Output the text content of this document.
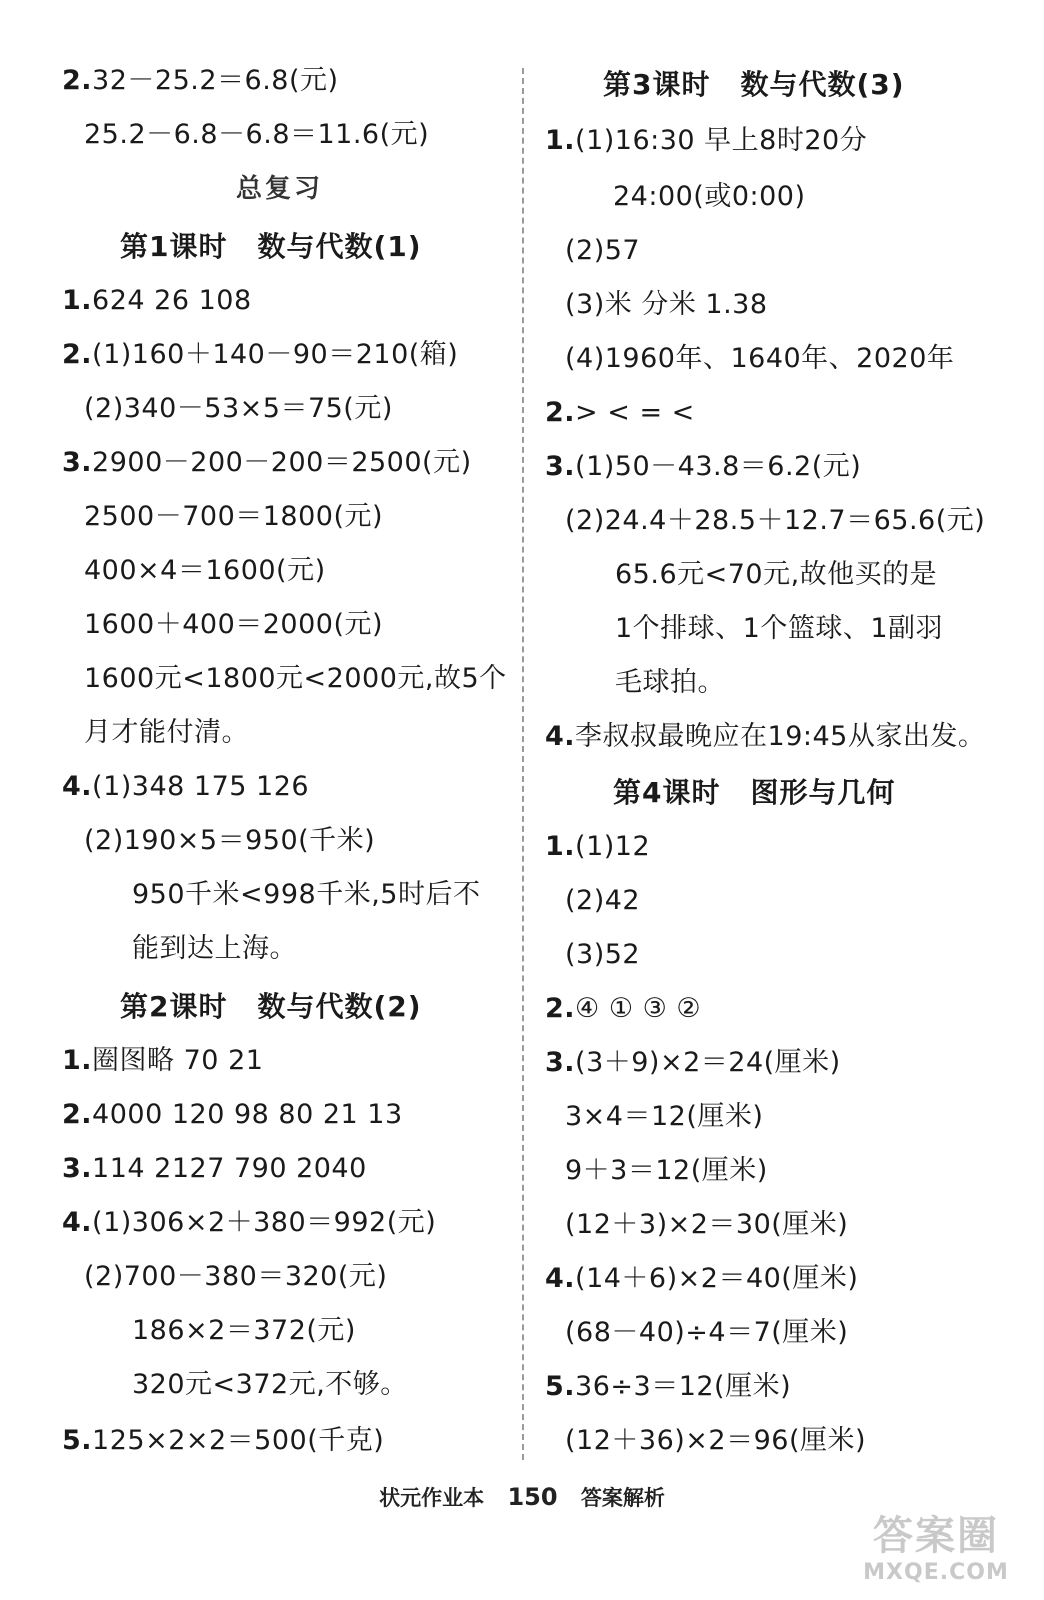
2.32－25.2＝6.8(元)
25.2－6.8－6.8＝11.6(元)
总复习
第1课时 数与代数(1)
1.624 26 108
2.(1)160＋140－90＝210(箱)
(2)340－53×5＝75(元)
3.2900－200－200＝2500(元)
2500－700＝1800(元)
400×4＝1600(元)
1600＋400＝2000(元)
1600元<1800元<2000元,故5个
月才能付清。
4.(1)348 175 126
(2)190×5＝950(千米)
950千米<998千米,5时后不
能到达上海。
第2课时 数与代数(2)
1.圈图略 70 21
2.4000 120 98 80 21 13
3.114 2127 790 2040
4.(1)306×2＋380＝992(元)
(2)700－380＝320(元)
186×2＝372(元)
320元<372元,不够。
5.125×2×2＝500(千克)
第3课时 数与代数(3)
1.(1)16:30 早上8时20分
24:00(或0:00)
(2)57
(3)米 分米 1.38
(4)1960年、1640年、2020年
2.> < = <
3.(1)50－43.8＝6.2(元)
(2)24.4＋28.5＋12.7＝65.6(元)
65.6元<70元,故他买的是
1个排球、1个篮球、1副羽
毛球拍。
4.李叔叔最晚应在19:45从家出发。
第4课时 图形与几何
1.(1)12
(2)42
(3)52
2.④ ① ③ ②
3.(3＋9)×2＝24(厘米)
3×4＝12(厘米)
9＋3＝12(厘米)
(12＋3)×2＝30(厘米)
4.(14＋6)×2＝40(厘米)
(68－40)÷4＝7(厘米)
5.36÷3＝12(厘米)
(12＋36)×2＝96(厘米)
状元作业本 150 答案解析
答案圈
MXQE.COM
